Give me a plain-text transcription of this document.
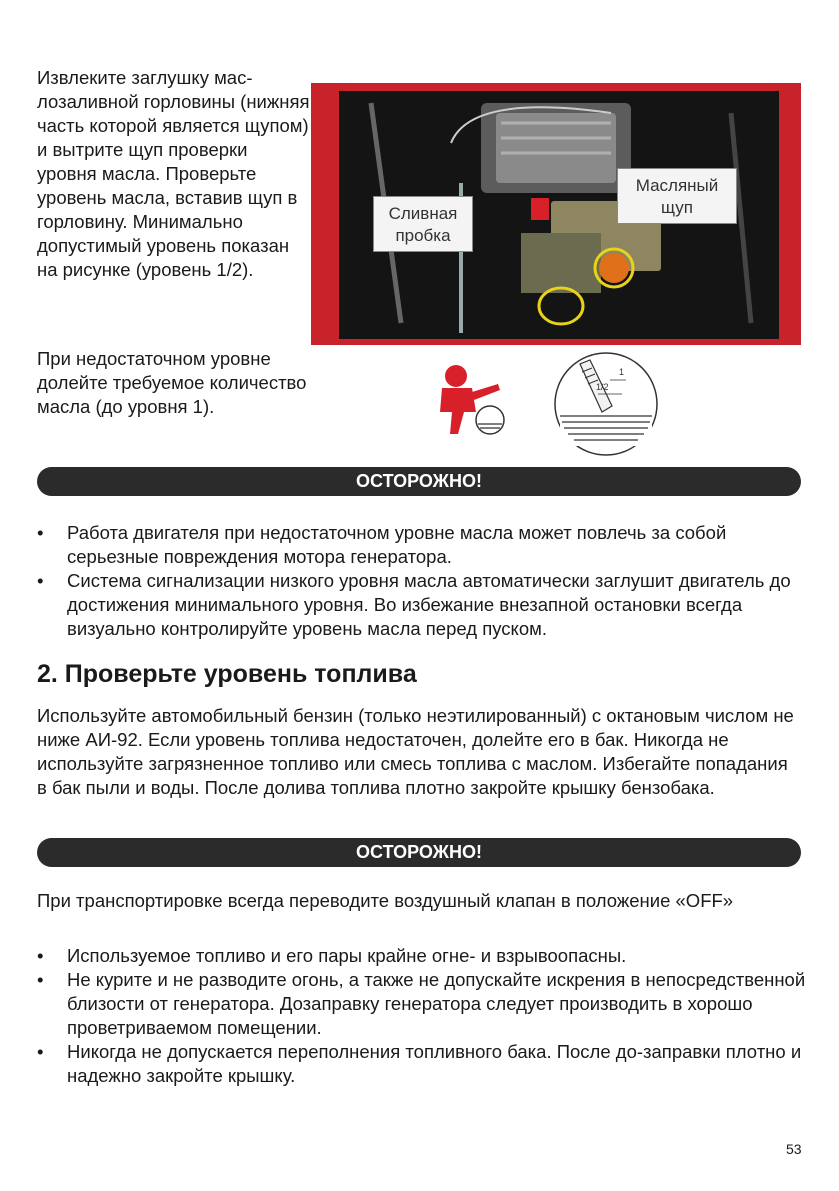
Извлеките заглушку мас-лозаливной горловины (нижняя часть которой является щупом) и вытрите щуп проверки уровня масла. Проверьте уровень масла, вставив щуп в горловину. Минимально допустимый уровень показан на рисунке (уровень 1/2).

При недостаточном уровне долейте требуемое количество масла (до уровня 1).

Сливная пробка
Масляный щуп
1/2
1
ОСТОРОЖНО!
• Работа двигателя при недостаточном уровне масла может повлечь за собой серьезные повреждения мотора генератора.
• Система сигнализации низкого уровня масла автоматически заглушит двигатель до достижения минимального уровня. Во избежание внезапной остановки всегда визуально контролируйте уровень масла перед пуском.
2. Проверьте уровень топлива

Используйте автомобильный бензин (только неэтилированный) с октановым числом не ниже АИ-92. Если уровень топлива недостаточен, долейте его в бак. Никогда не используйте загрязненное топливо или смесь топлива с маслом. Избегайте попадания в бак пыли и воды. После долива топлива плотно закройте крышку бензобака.

ОСТОРОЖНО!

При транспортировке всегда переводите воздушный клапан в положение «OFF»

• Используемое топливо и его пары крайне огне- и взрывоопасны.
• Не курите и не разводите огонь, а также не допускайте искрения в непосредственной близости от генератора. Дозаправку генератора следует производить в хорошо проветриваемом помещении.
• Никогда не допускается переполнения топливного бака. После до-заправки плотно и надежно закройте крышку.
53
